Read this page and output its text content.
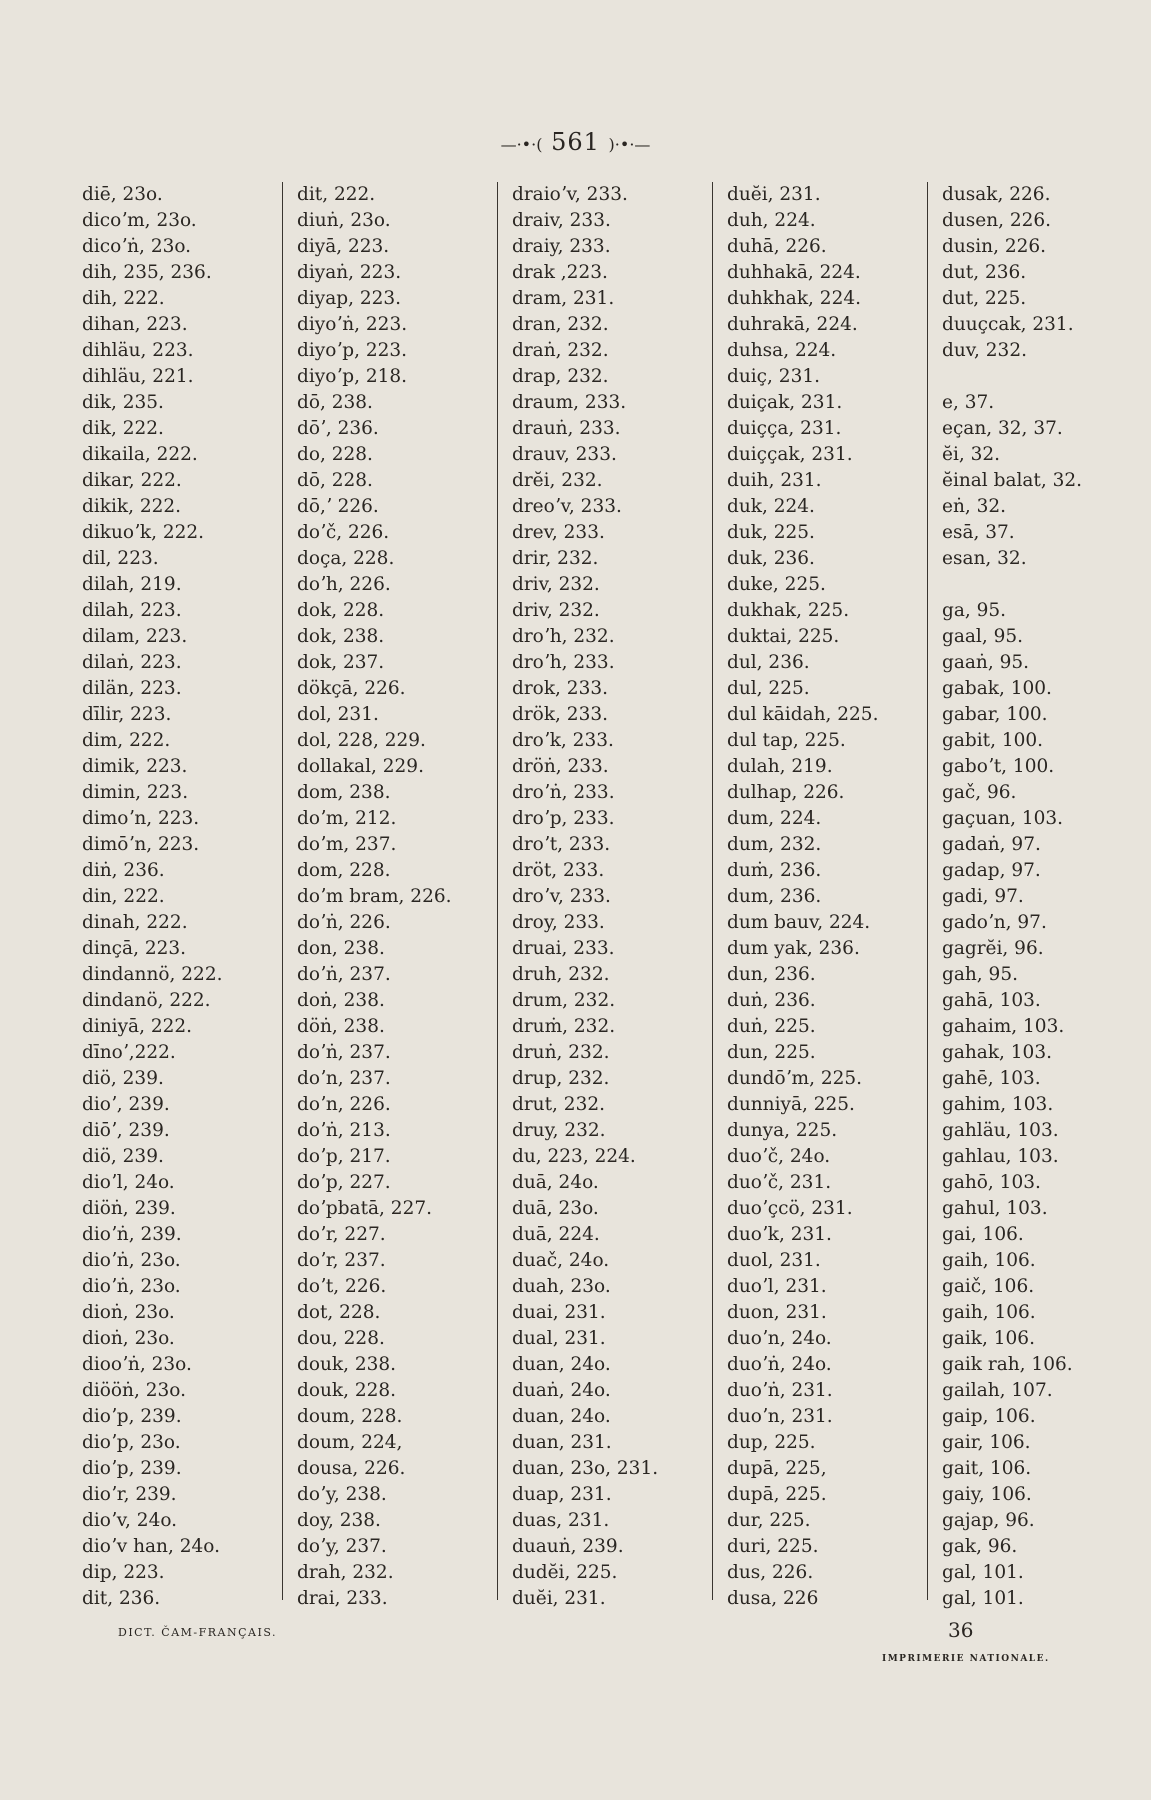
—·•·( 561 )·•·—
diē, 23o.
dicoʼm, 23o.
dicoʼṅ, 23o.
dih, 235, 236.
dih, 222.
dihan, 223.
dihläu, 223.
dihläu, 221.
dik, 235.
dik, 222.
dikaila, 222.
dikar, 222.
dikik, 222.
dikuoʼk, 222.
dil, 223.
dilah, 219.
dilah, 223.
dilam, 223.
dilaṅ, 223.
dilän, 223.
dīlir, 223.
dim, 222.
dimik, 223.
dimin, 223.
dimoʼn, 223.
dimōʼn, 223.
diṅ, 236.
din, 222.
dinah, 222.
dinçā, 223.
dindannö, 222.
dindanö, 222.
diniyā, 222.
dīnoʼ,222.
diö, 239.
dioʼ, 239.
diōʼ, 239.
diö, 239.
dioʼl, 24o.
diöṅ, 239.
dioʼṅ, 239.
dioʼṅ, 23o.
dioʼṅ, 23o.
dioṅ, 23o.
dioṅ, 23o.
diooʼṅ, 23o.
diööṅ, 23o.
dioʼp, 239.
dioʼp, 23o.
dioʼp, 239.
dioʼr, 239.
dioʼv, 24o.
dioʼv han, 24o.
dip, 223.
dit, 236.
dit, 222.
diuṅ, 23o.
diyā, 223.
diyaṅ, 223.
diyap, 223.
diyoʼṅ, 223.
diyoʼp, 223.
diyoʼp, 218.
dō, 238.
dōʼ, 236.
do, 228.
dō, 228.
dō,ʼ 226.
doʼč, 226.
doça, 228.
doʼh, 226.
dok, 228.
dok, 238.
dok, 237.
dökçā, 226.
dol, 231.
dol, 228, 229.
dollakal, 229.
dom, 238.
doʼm, 212.
doʼm, 237.
dom, 228.
doʼm bram, 226.
doʼṅ, 226.
don, 238.
doʼṅ, 237.
doṅ, 238.
döṅ, 238.
doʼṅ, 237.
doʼn, 237.
doʼn, 226.
doʼṅ, 213.
doʼp, 217.
doʼp, 227.
doʼpbatā, 227.
doʼr, 227.
doʼr, 237.
doʼt, 226.
dot, 228.
dou, 228.
douk, 238.
douk, 228.
doum, 228.
doum, 224,
dousa, 226.
doʼy, 238.
doy, 238.
doʼy, 237.
drah, 232.
drai, 233.
draioʼv, 233.
draiv, 233.
draiy, 233.
drak ,223.
dram, 231.
dran, 232.
draṅ, 232.
drap, 232.
draum, 233.
drauṅ, 233.
drauv, 233.
drĕi, 232.
dreoʼv, 233.
drev, 233.
drir, 232.
driv, 232.
driv, 232.
droʼh, 232.
droʼh, 233.
drok, 233.
drök, 233.
droʼk, 233.
dröṅ, 233.
droʼṅ, 233.
droʼp, 233.
droʼt, 233.
dröt, 233.
droʼv, 233.
droy, 233.
druai, 233.
druh, 232.
drum, 232.
druṁ, 232.
druṅ, 232.
drup, 232.
drut, 232.
druy, 232.
du, 223, 224.
duā, 24o.
duā, 23o.
duā, 224.
duač, 24o.
duah, 23o.
duai, 231.
dual, 231.
duan, 24o.
duaṅ, 24o.
duan, 24o.
duan, 231.
duan, 23o, 231.
duap, 231.
duas, 231.
duauṅ, 239.
dudĕi, 225.
duĕi, 231.
duĕi, 231.
duh, 224.
duhā, 226.
duhhakā, 224.
duhkhak, 224.
duhrakā, 224.
duhsa, 224.
duiç, 231.
duiçak, 231.
duiçça, 231.
duiççak, 231.
duih, 231.
duk, 224.
duk, 225.
duk, 236.
duke, 225.
dukhak, 225.
duktai, 225.
dul, 236.
dul, 225.
dul kāidah, 225.
dul tap, 225.
dulah, 219.
dulhap, 226.
dum, 224.
dum, 232.
duṁ, 236.
dum, 236.
dum bauv, 224.
dum yak, 236.
dun, 236.
duṅ, 236.
duṅ, 225.
dun, 225.
dundōʼm, 225.
dunniyā, 225.
dunya, 225.
duoʼč, 24o.
duoʼč, 231.
duoʼçcö, 231.
duoʼk, 231.
duol, 231.
duoʼl, 231.
duon, 231.
duoʼn, 24o.
duoʼṅ, 24o.
duoʼṅ, 231.
duoʼn, 231.
dup, 225.
dupā, 225,
dupā, 225.
dur, 225.
duri, 225.
dus, 226.
dusa, 226
dusak, 226.
dusen, 226.
dusin, 226.
dut, 236.
dut, 225.
duuçcak, 231.
duv, 232.
e, 37.
eçan, 32, 37.
ĕi, 32.
ĕinal balat, 32.
eṅ, 32.
esā, 37.
esan, 32.
ga, 95.
gaal, 95.
gaaṅ, 95.
gabak, 100.
gabar, 100.
gabit, 100.
gaboʼt, 100.
gač, 96.
gaçuan, 103.
gadaṅ, 97.
gadap, 97.
gadi, 97.
gadoʼn, 97.
gagrĕi, 96.
gah, 95.
gahā, 103.
gahaim, 103.
gahak, 103.
gahē, 103.
gahim, 103.
gahläu, 103.
gahlau, 103.
gahō, 103.
gahul, 103.
gai, 106.
gaih, 106.
gaič, 106.
gaih, 106.
gaik, 106.
gaik rah, 106.
gailah, 107.
gaip, 106.
gair, 106.
gait, 106.
gaiy, 106.
gajap, 96.
gak, 96.
gal, 101.
gal, 101.
DICT. ČAM-FRANÇAIS.	36
IMPRIMERIE NATIONALE.
